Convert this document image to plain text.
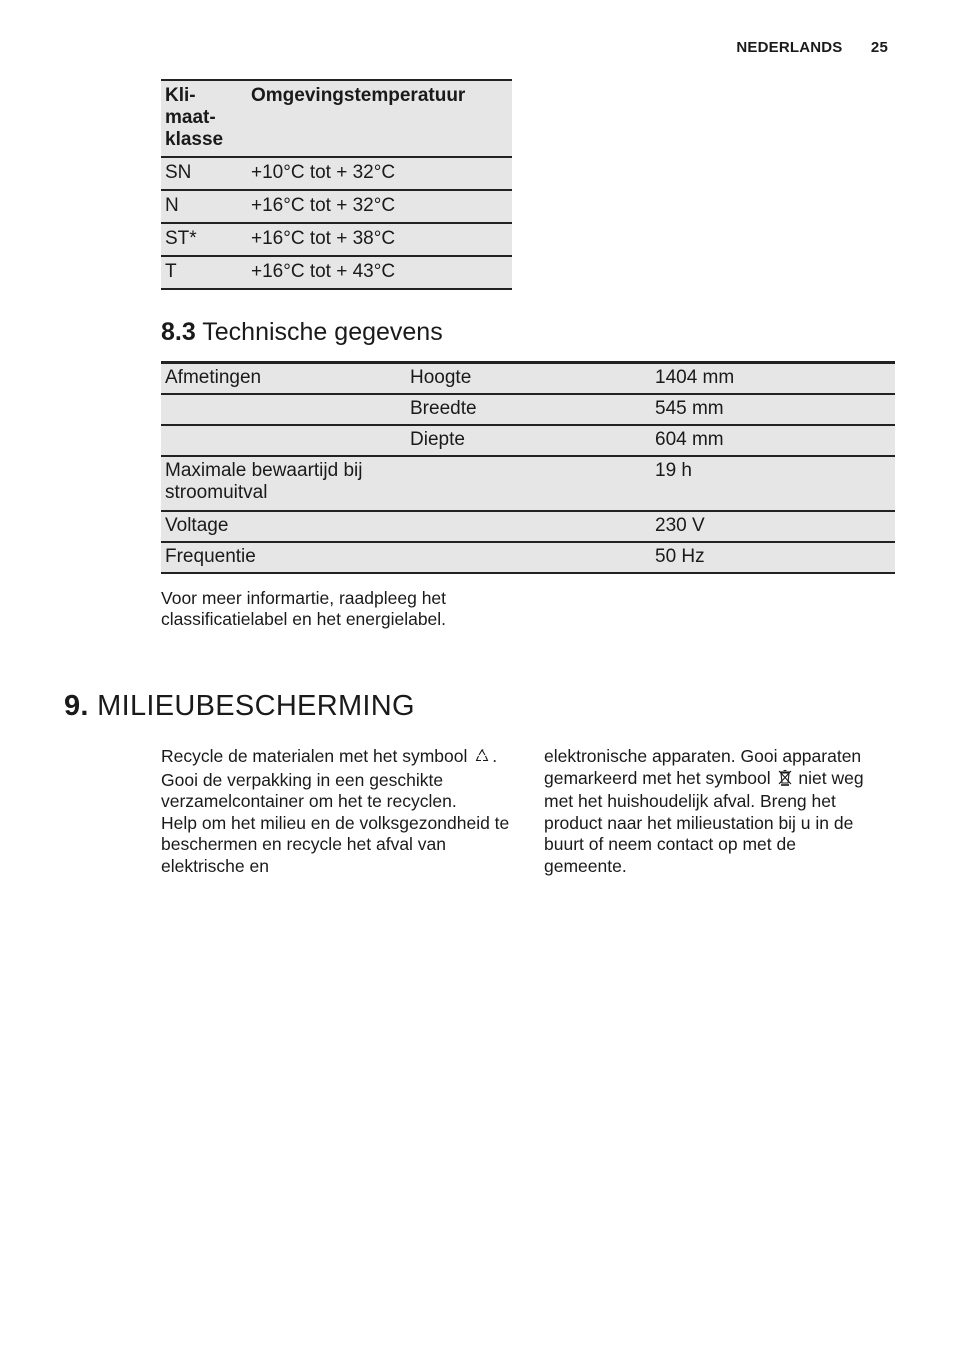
NEDERLANDS 25
Kli-
maat-
klasse	Omgevingstemperatuur
SN	+10°C tot + 32°C
N	+16°C tot + 32°C
ST*	+16°C tot + 38°C
T	+16°C tot + 43°C
8.3 Technische gegevens
Afmetingen	Hoogte	1404 mm
	Breedte	545 mm
	Diepte	604 mm
Maximale bewaartijd bij stroomuitval		19 h
Voltage		230 V
Frequentie		50 Hz
Voor meer informartie, raadpleeg het classificatielabel en het energielabel.
9. MILIEUBESCHERMING

Recycle de materialen met het symbool . Gooi de verpakking in een geschikte verzamelcontainer om het te recyclen.

Help om het milieu en de volksgezondheid te beschermen en recycle het afval van elektrische en

elektronische apparaten. Gooi apparaten gemarkeerd met het symbool niet weg met het huishoudelijk afval. Breng het product naar het milieustation bij u in de buurt of neem contact op met de gemeente.
